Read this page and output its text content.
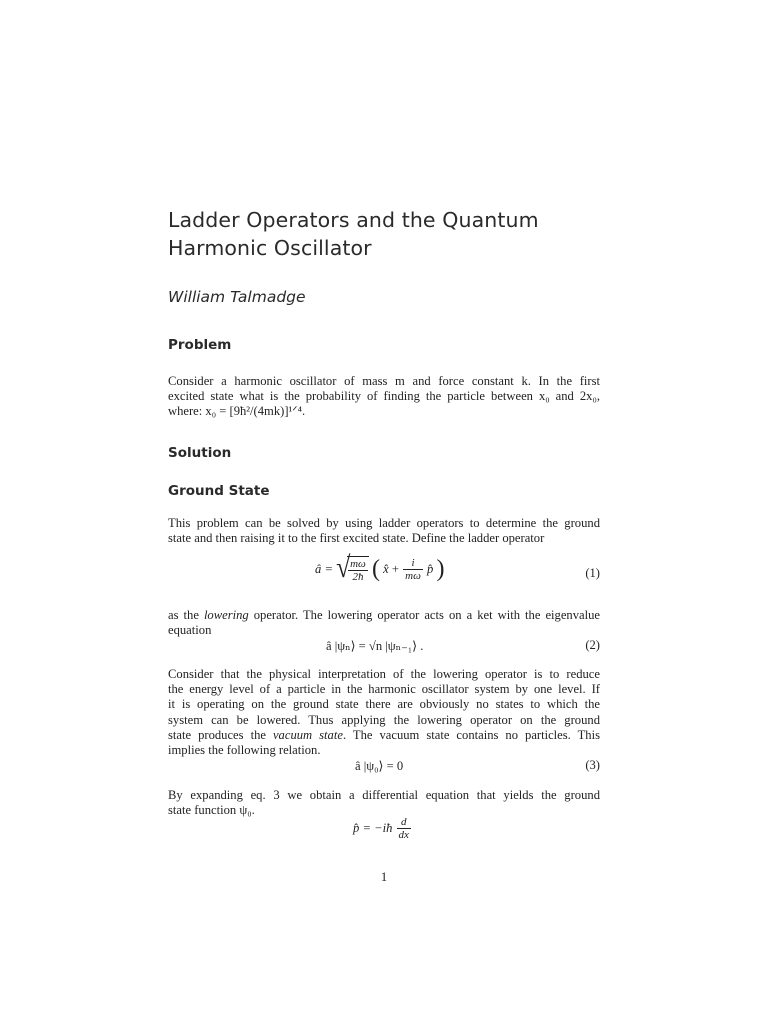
Ladder Operators and the Quantum
Harmonic Oscillator
William Talmadge
Problem
Consider a harmonic oscillator of mass m and force constant k. In the first
excited state what is the probability of finding the particle between x₀ and 2x₀,
where: x₀ = [9ħ²/(4mk)]¹ᐟ⁴.
Solution
Ground State
This problem can be solved by using ladder operators to determine the ground
state and then raising it to the first excited state. Define the ladder operator
â = √
$\frac{m\omega}{2ħ}$ ( x̂ + $\frac{i}{m\omega}$ p̂ )	(1)
as the lowering operator. The lowering operator acts on a ket with the eigenvalue
equation
â |ψₙ⟩ = √n |ψₙ₋₁⟩ .	(2)
Consider that the physical interpretation of the lowering operator is to reduce
the energy level of a particle in the harmonic oscillator system by one level. If
it is operating on the ground state there are obviously no states to which the
system can be lowered. Thus applying the lowering operator on the ground
state produces the vacuum state. The vacuum state contains no particles. This
implies the following relation.
â |ψ₀⟩ = 0	(3)
By expanding eq. 3 we obtain a differential equation that yields the ground
state function ψ₀.
p̂ = −iħ $\frac{d}{dx}$
1
